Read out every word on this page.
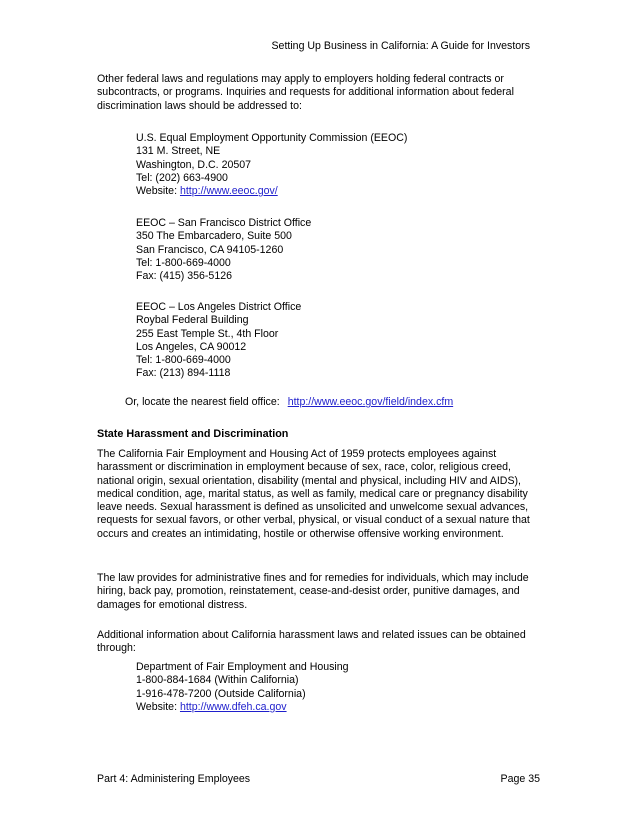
Setting Up Business in California: A Guide for Investors

Other federal laws and regulations may apply to employers holding federal contracts or subcontracts, or programs. Inquiries and requests for additional information about federal discrimination laws should be addressed to:

U.S. Equal Employment Opportunity Commission (EEOC)
131 M. Street, NE
Washington, D.C. 20507
Tel: (202) 663-4900
Website: http://www.eeoc.gov/
EEOC – San Francisco District Office
350 The Embarcadero, Suite 500
San Francisco, CA 94105-1260
Tel: 1-800-669-4000
Fax: (415) 356-5126
EEOC – Los Angeles District Office
Roybal Federal Building
255 East Temple St., 4th Floor
Los Angeles, CA 90012
Tel: 1-800-669-4000
Fax: (213) 894-1118
Or, locate the nearest field office: http://www.eeoc.gov/field/index.cfm
State Harassment and Discrimination

The California Fair Employment and Housing Act of 1959 protects employees against harassment or discrimination in employment because of sex, race, color, religious creed, national origin, sexual orientation, disability (mental and physical, including HIV and AIDS), medical condition, age, marital status, as well as family, medical care or pregnancy disability leave needs. Sexual harassment is defined as unsolicited and unwelcome sexual advances, requests for sexual favors, or other verbal, physical, or visual conduct of a sexual nature that occurs and creates an intimidating, hostile or otherwise offensive working environment.

The law provides for administrative fines and for remedies for individuals, which may include hiring, back pay, promotion, reinstatement, cease-and-desist order, punitive damages, and damages for emotional distress.

Additional information about California harassment laws and related issues can be obtained through:

Department of Fair Employment and Housing
1-800-884-1684 (Within California)
1-916-478-7200 (Outside California)
Website: http://www.dfeh.ca.gov
Part 4: Administering Employees	Page 35
